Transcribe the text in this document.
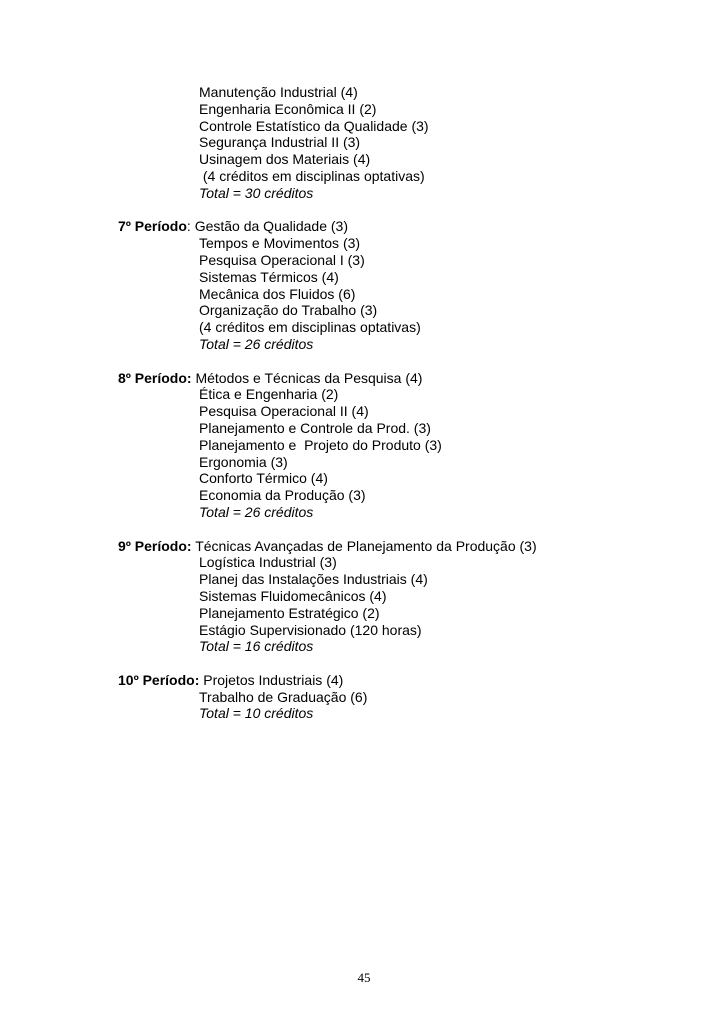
Manutenção Industrial (4)
Engenharia Econômica II (2)
Controle Estatístico da Qualidade (3)
Segurança Industrial II (3)
Usinagem dos Materiais (4)
(4 créditos em disciplinas optativas)
Total = 30 créditos
7º Período: Gestão da Qualidade (3)
Tempos e Movimentos (3)
Pesquisa Operacional I (3)
Sistemas Térmicos (4)
Mecânica dos Fluidos (6)
Organização do Trabalho (3)
(4 créditos em disciplinas optativas)
Total = 26 créditos
8º Período: Métodos e Técnicas da Pesquisa (4)
Ética e Engenharia (2)
Pesquisa Operacional II (4)
Planejamento e Controle da Prod. (3)
Planejamento e  Projeto do Produto (3)
Ergonomia (3)
Conforto Térmico (4)
Economia da Produção (3)
Total = 26 créditos
9º Período: Técnicas Avançadas de Planejamento da Produção (3)
Logística Industrial (3)
Planej das Instalações Industriais (4)
Sistemas Fluidomecânicos (4)
Planejamento Estratégico (2)
Estágio Supervisionado (120 horas)
Total = 16 créditos
10º Período: Projetos Industriais (4)
Trabalho de Graduação (6)
Total = 10 créditos
45
